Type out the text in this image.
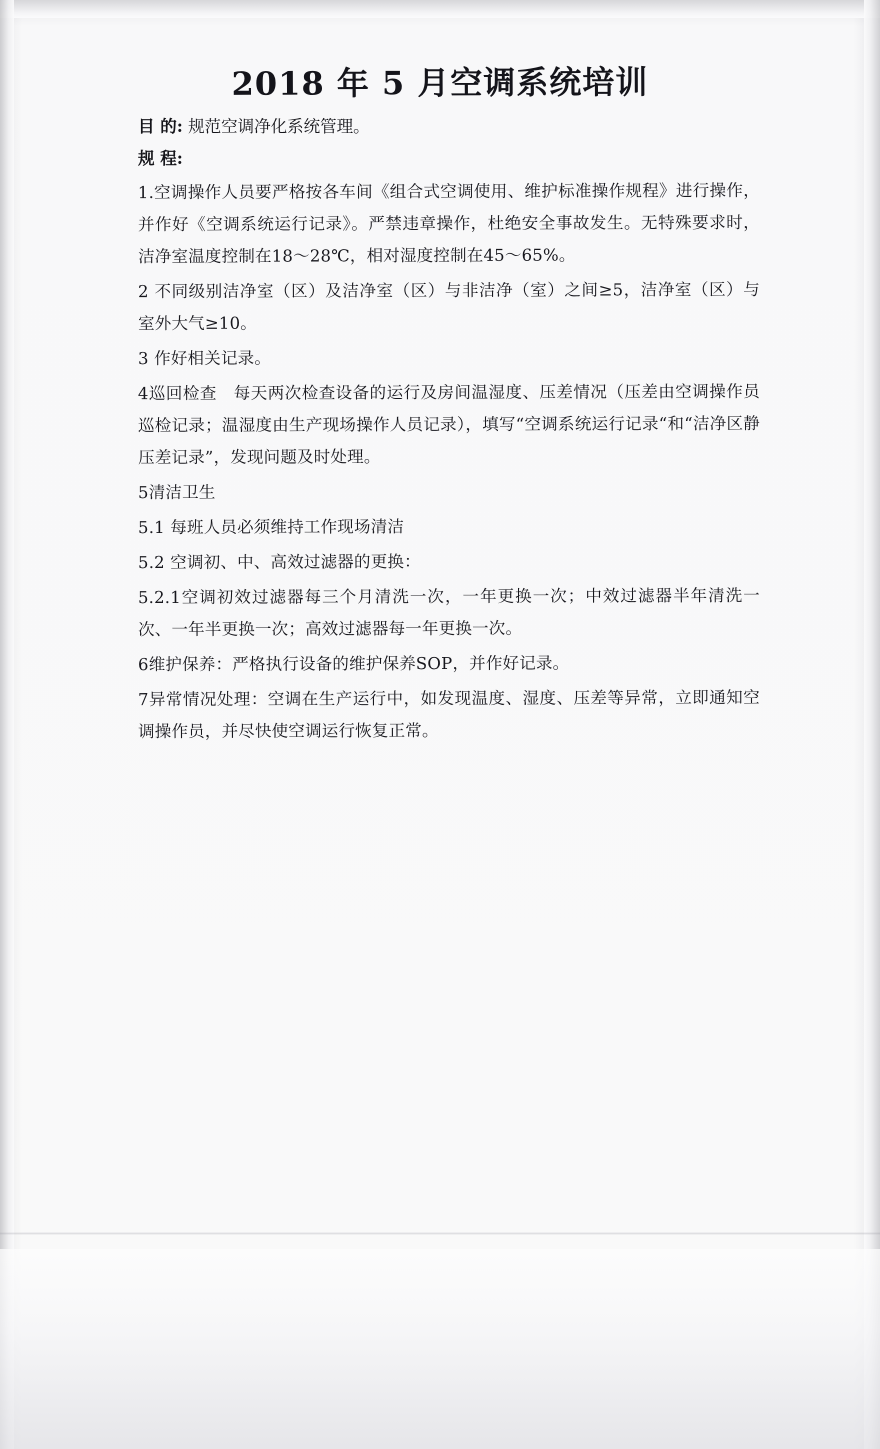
2018 年 5 月空调系统培训

目 的: 规范空调净化系统管理。

规 程:

1.空调操作人员要严格按各车间《组合式空调使用、维护标准操作规程》进行操作，并作好《空调系统运行记录》。严禁违章操作，杜绝安全事故发生。无特殊要求时，洁净室温度控制在18～28℃，相对湿度控制在45～65%。

2 不同级别洁净室（区）及洁净室（区）与非洁净（室）之间≥5，洁净室（区）与室外大气≥10。

3 作好相关记录。

4巡回检查　每天两次检查设备的运行及房间温湿度、压差情况（压差由空调操作员巡检记录；温湿度由生产现场操作人员记录），填写“空调系统运行记录“和“洁净区静压差记录”，发现问题及时处理。

5清洁卫生

5.1 每班人员必须维持工作现场清洁

5.2 空调初、中、高效过滤器的更换：

5.2.1空调初效过滤器每三个月清洗一次，一年更换一次；中效过滤器半年清洗一次、一年半更换一次；高效过滤器每一年更换一次。

6维护保养：严格执行设备的维护保养SOP，并作好记录。

7异常情况处理：空调在生产运行中，如发现温度、湿度、压差等异常，立即通知空调操作员，并尽快使空调运行恢复正常。
